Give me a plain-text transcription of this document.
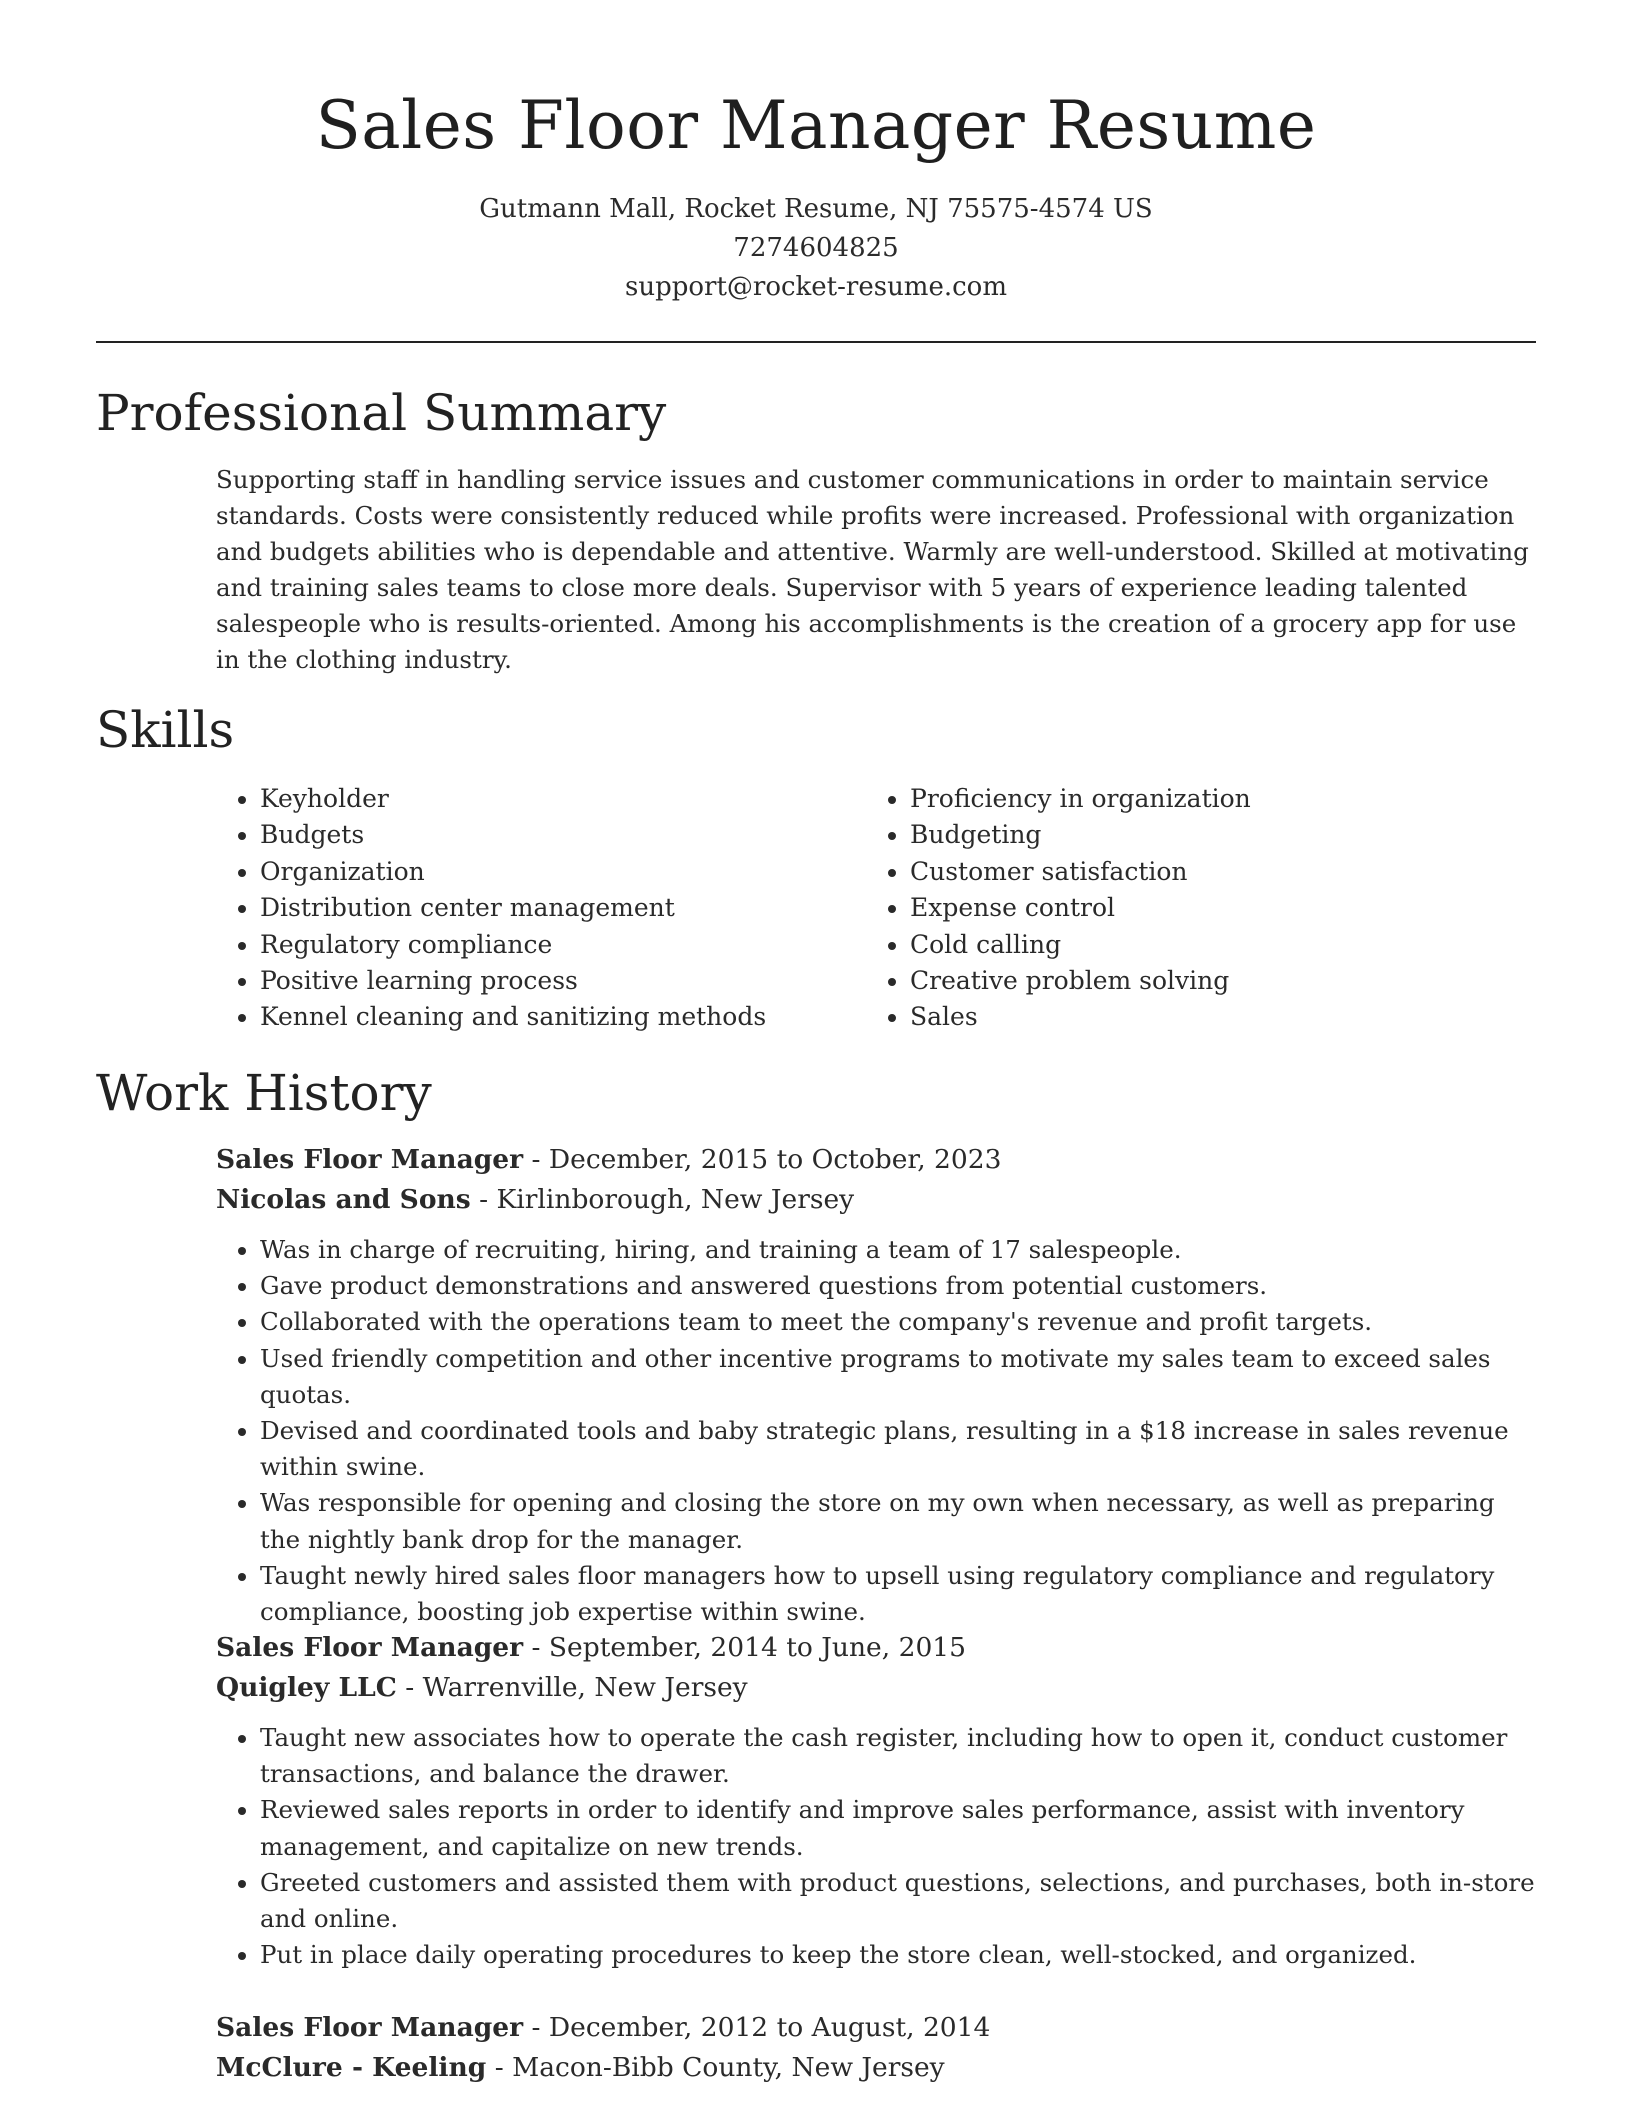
Sales Floor Manager Resume
Gutmann Mall, Rocket Resume, NJ 75575-4574 US
7274604825
support@rocket-resume.com
Professional Summary
Supporting staff in handling service issues and customer communications in order to maintain service standards. Costs were consistently reduced while profits were increased. Professional with organization and budgets abilities who is dependable and attentive. Warmly are well-understood. Skilled at motivating and training sales teams to close more deals. Supervisor with 5 years of experience leading talented salespeople who is results-oriented. Among his accomplishments is the creation of a grocery app for use in the clothing industry.
Skills
• Keyholder
• Budgets
• Organization
• Distribution center management
• Regulatory compliance
• Positive learning process
• Kennel cleaning and sanitizing methods
• Proficiency in organization
• Budgeting
• Customer satisfaction
• Expense control
• Cold calling
• Creative problem solving
• Sales
Work History
Sales Floor Manager - December, 2015 to October, 2023
Nicolas and Sons - Kirlinborough, New Jersey
• Was in charge of recruiting, hiring, and training a team of 17 salespeople.
• Gave product demonstrations and answered questions from potential customers.
• Collaborated with the operations team to meet the company's revenue and profit targets.
• Used friendly competition and other incentive programs to motivate my sales team to exceed sales quotas.
• Devised and coordinated tools and baby strategic plans, resulting in a $18 increase in sales revenue within swine.
• Was responsible for opening and closing the store on my own when necessary, as well as preparing the nightly bank drop for the manager.
• Taught newly hired sales floor managers how to upsell using regulatory compliance and regulatory compliance, boosting job expertise within swine.
Sales Floor Manager - September, 2014 to June, 2015
Quigley LLC - Warrenville, New Jersey
• Taught new associates how to operate the cash register, including how to open it, conduct customer transactions, and balance the drawer.
• Reviewed sales reports in order to identify and improve sales performance, assist with inventory management, and capitalize on new trends.
• Greeted customers and assisted them with product questions, selections, and purchases, both in-store and online.
• Put in place daily operating procedures to keep the store clean, well-stocked, and organized.
Sales Floor Manager - December, 2012 to August, 2014
McClure - Keeling - Macon-Bibb County, New Jersey
